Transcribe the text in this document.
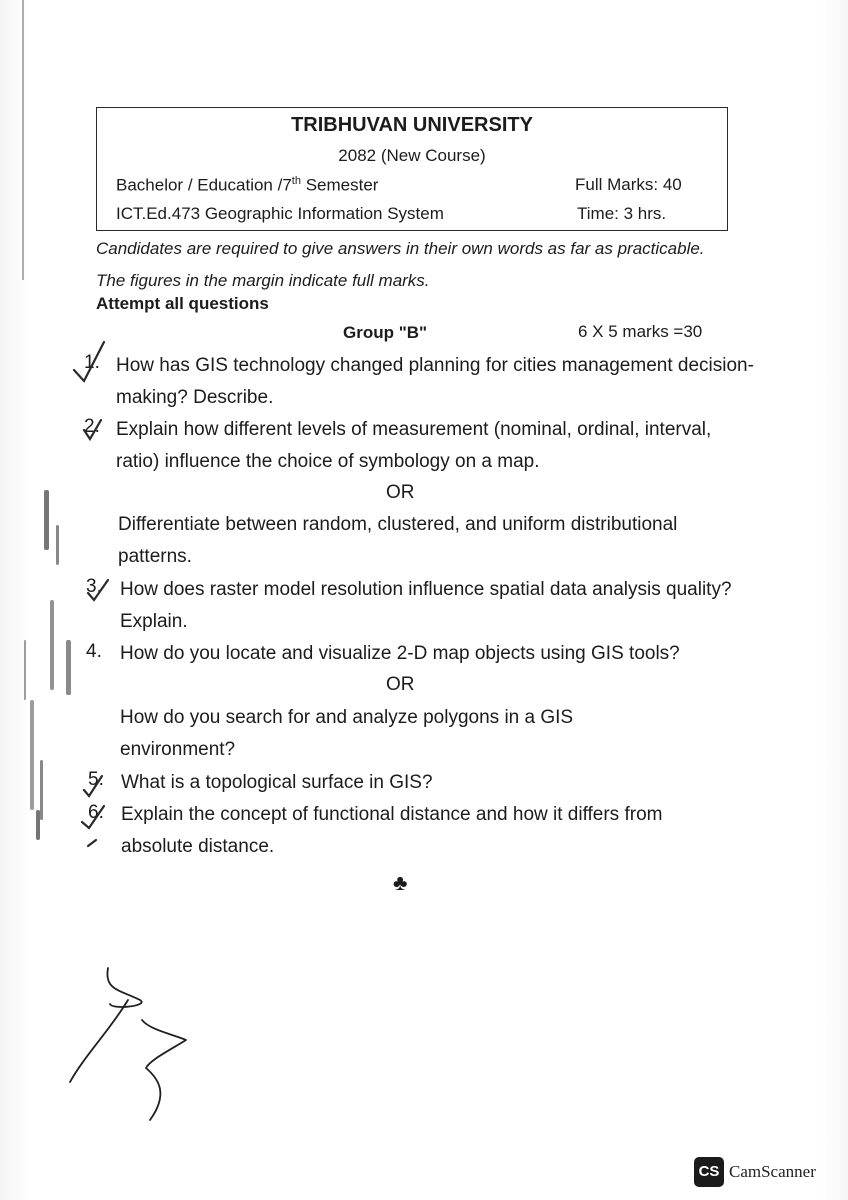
TRIBHUVAN UNIVERSITY
2082 (New Course)
Bachelor / Education /7th Semester	Full Marks: 40
ICT.Ed.473 Geographic Information System	Time: 3 hrs.
Candidates are required to give answers in their own words as far as practicable. The figures in the margin indicate full marks.
Attempt all questions
Group "B"	6 X 5 marks =30
1. How has GIS technology changed planning for cities management decision-making? Describe.
2. Explain how different levels of measurement (nominal, ordinal, interval, ratio) influence the choice of symbology on a map.
OR
Differentiate between random, clustered, and uniform distributional patterns.
3. How does raster model resolution influence spatial data analysis quality? Explain.
4. How do you locate and visualize 2-D map objects using GIS tools?
OR
How do you search for and analyze polygons in a GIS environment?
5. What is a topological surface in GIS?
6. Explain the concept of functional distance and how it differs from absolute distance.
♣
CS CamScanner
